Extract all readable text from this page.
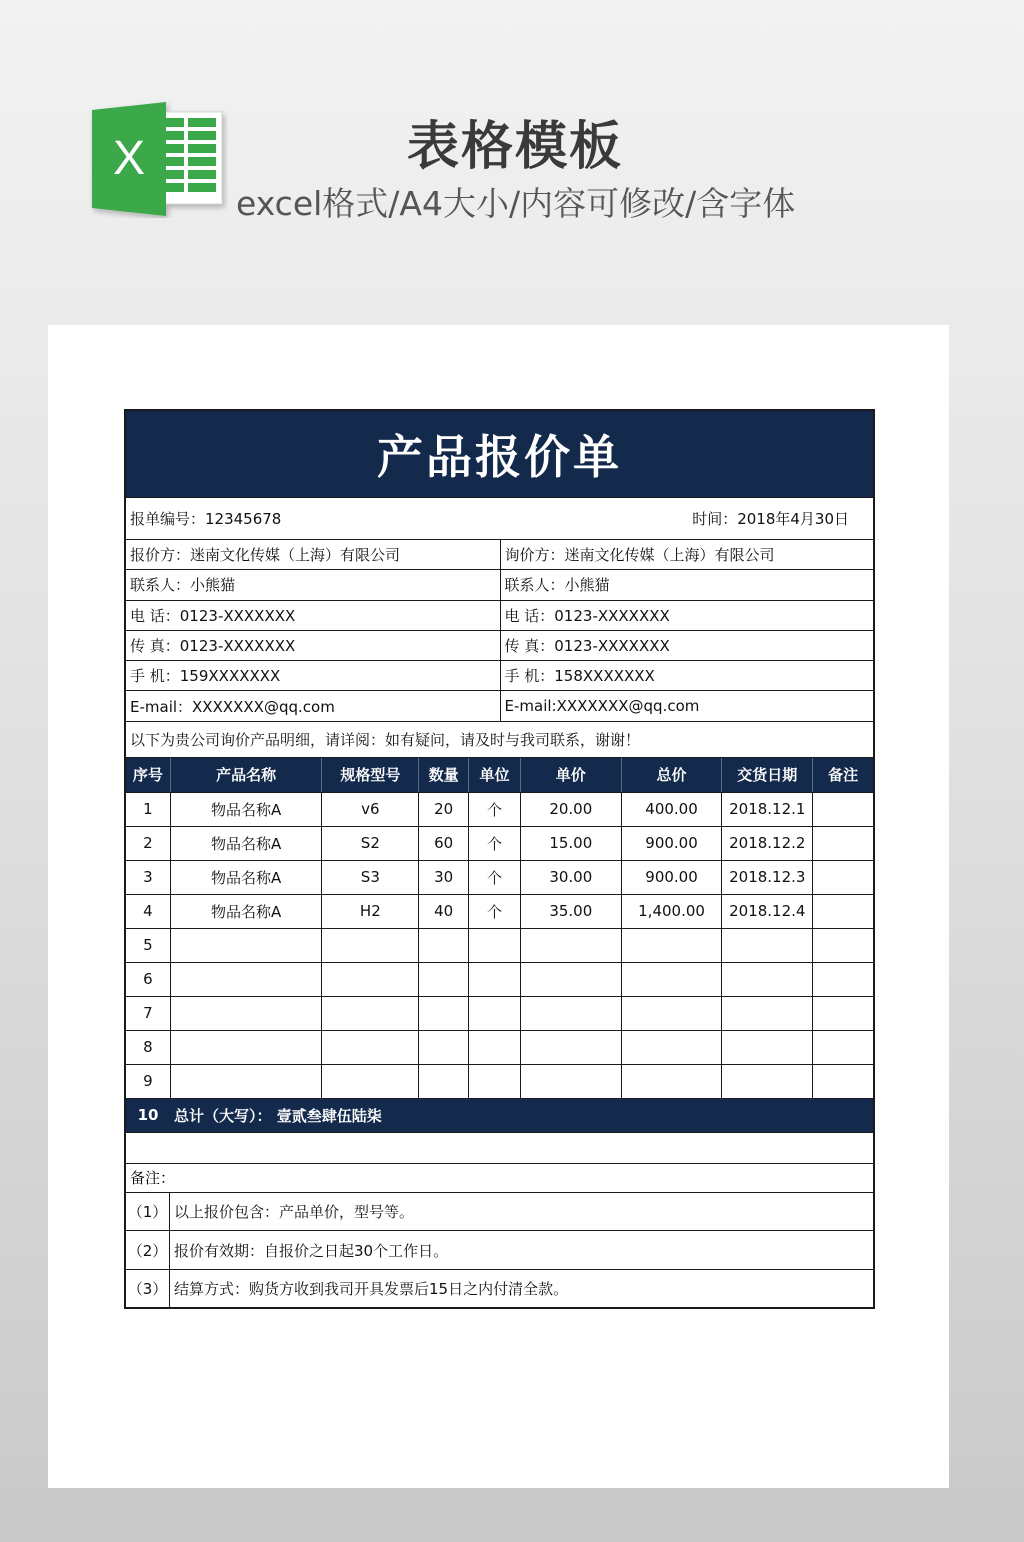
X	表格模板
excel格式/A4大小/内容可修改/含字体
产品报价单
报单编号：12345678	时间：2018年4月30日
报价方：迷南文化传媒（上海）有限公司	询价方：迷南文化传媒（上海）有限公司
联系人：小熊猫	联系人：小熊猫
电 话：0123-XXXXXXX	电 话：0123-XXXXXXX
传 真：0123-XXXXXXX	传 真：0123-XXXXXXX
手 机：159XXXXXXX	手 机：158XXXXXXX
E-mail：XXXXXXX@qq.com	E-mail:XXXXXXX@qq.com
以下为贵公司询价产品明细，请详阅：如有疑问，请及时与我司联系，谢谢！
序号	产品名称	规格型号	数量	单位	单价	总价	交货日期	备注
1	物品名称A	v6	20	个	20.00	400.00	2018.12.1
2	物品名称A	S2	60	个	15.00	900.00	2018.12.2
3	物品名称A	S3	30	个	30.00	900.00	2018.12.3
4	物品名称A	H2	40	个	35.00	1,400.00	2018.12.4
5
6
7
8
9
10	总计（大写）： 壹贰叁肆伍陆柒
备注：
（1） 以上报价包含：产品单价，型号等。
（2） 报价有效期：自报价之日起30个工作日。
（3） 结算方式：购货方收到我司开具发票后15日之内付清全款。
